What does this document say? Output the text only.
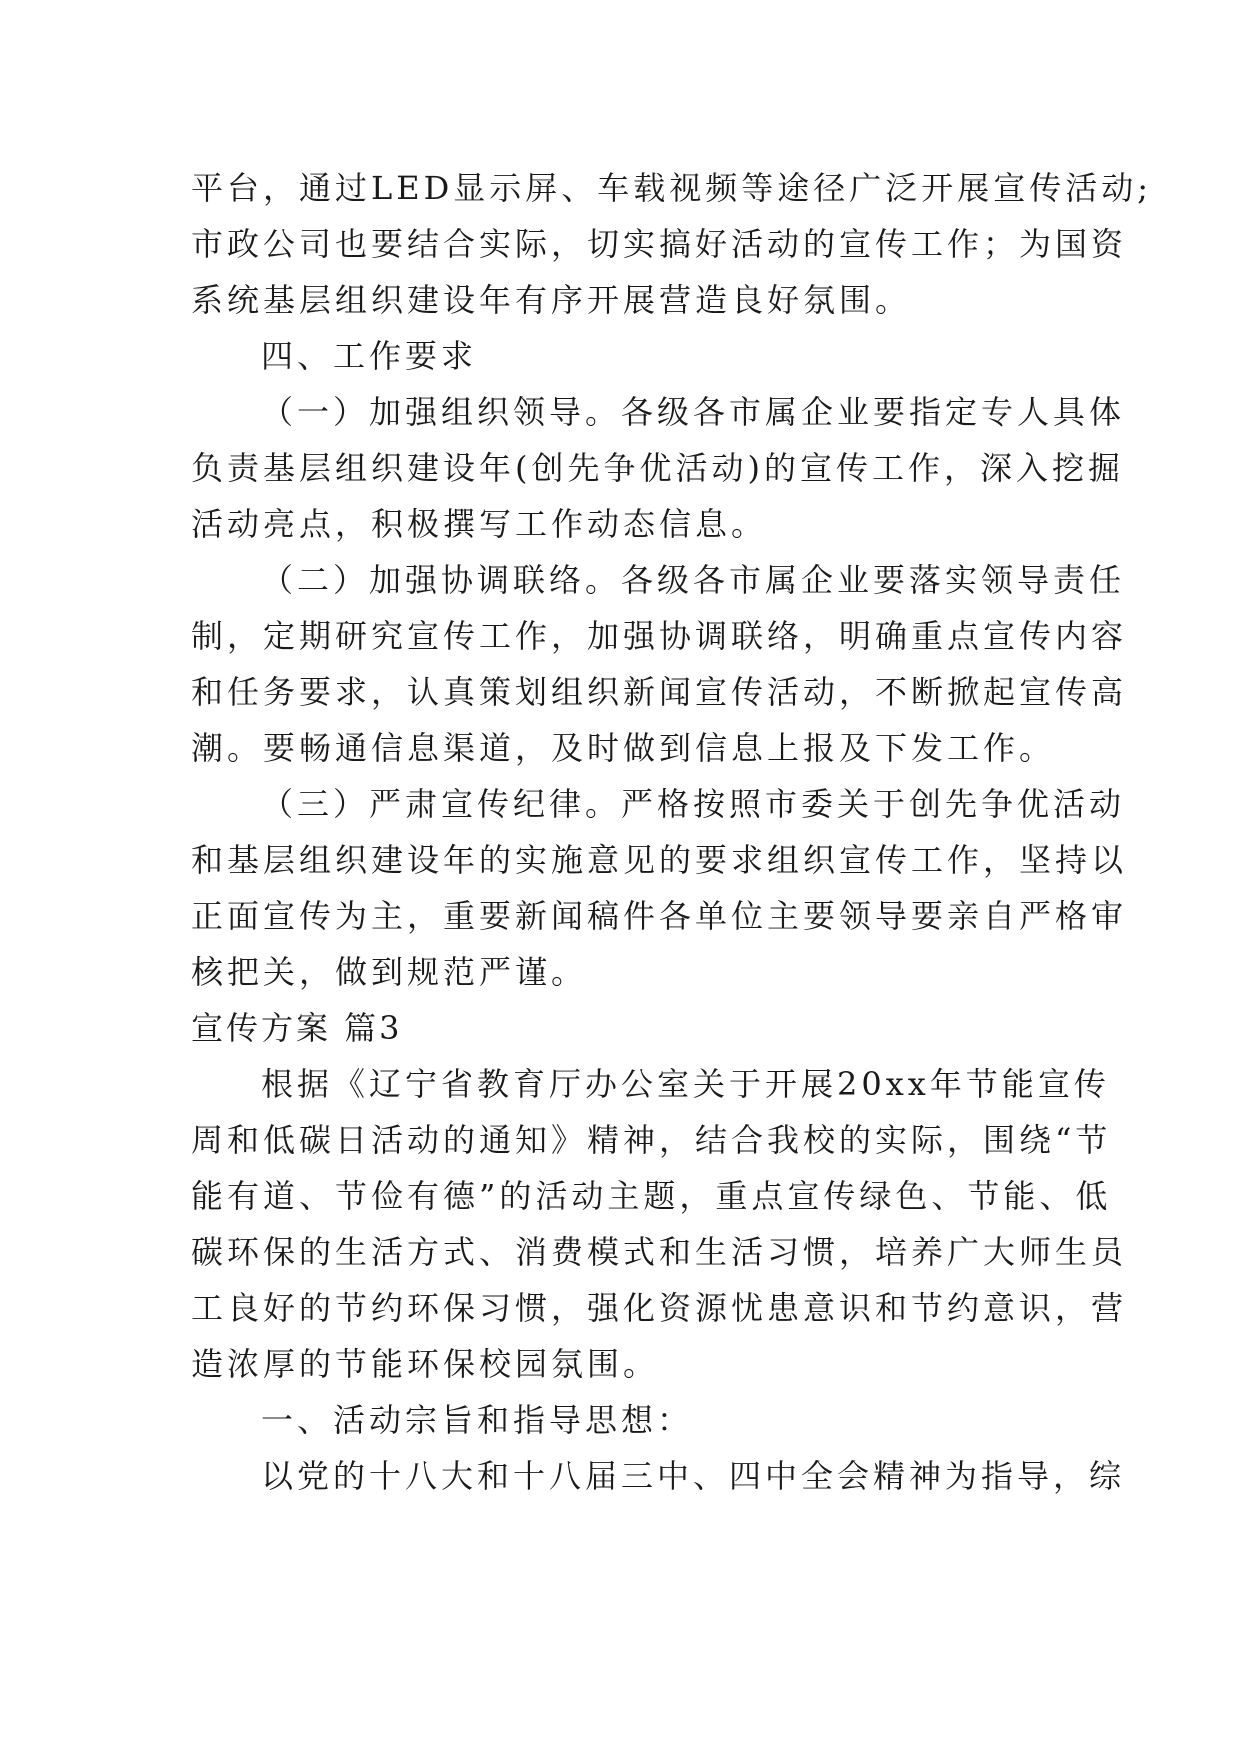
平台，通过LED显示屏、车载视频等途径广泛开展宣传活动;
市政公司也要结合实际，切实搞好活动的宣传工作；为国资
系统基层组织建设年有序开展营造良好氛围。
四、工作要求
（一）加强组织领导。各级各市属企业要指定专人具体
负责基层组织建设年(创先争优活动)的宣传工作，深入挖掘
活动亮点，积极撰写工作动态信息。
（二）加强协调联络。各级各市属企业要落实领导责任
制，定期研究宣传工作，加强协调联络，明确重点宣传内容
和任务要求，认真策划组织新闻宣传活动，不断掀起宣传高
潮。要畅通信息渠道，及时做到信息上报及下发工作。
（三）严肃宣传纪律。严格按照市委关于创先争优活动
和基层组织建设年的实施意见的要求组织宣传工作，坚持以
正面宣传为主，重要新闻稿件各单位主要领导要亲自严格审
核把关，做到规范严谨。
宣传方案 篇3
根据《辽宁省教育厅办公室关于开展20xx年节能宣传
周和低碳日活动的通知》精神，结合我校的实际，围绕“节
能有道、节俭有德”的活动主题，重点宣传绿色、节能、低
碳环保的生活方式、消费模式和生活习惯，培养广大师生员
工良好的节约环保习惯，强化资源忧患意识和节约意识，营
造浓厚的节能环保校园氛围。
一、活动宗旨和指导思想：
以党的十八大和十八届三中、四中全会精神为指导，综
